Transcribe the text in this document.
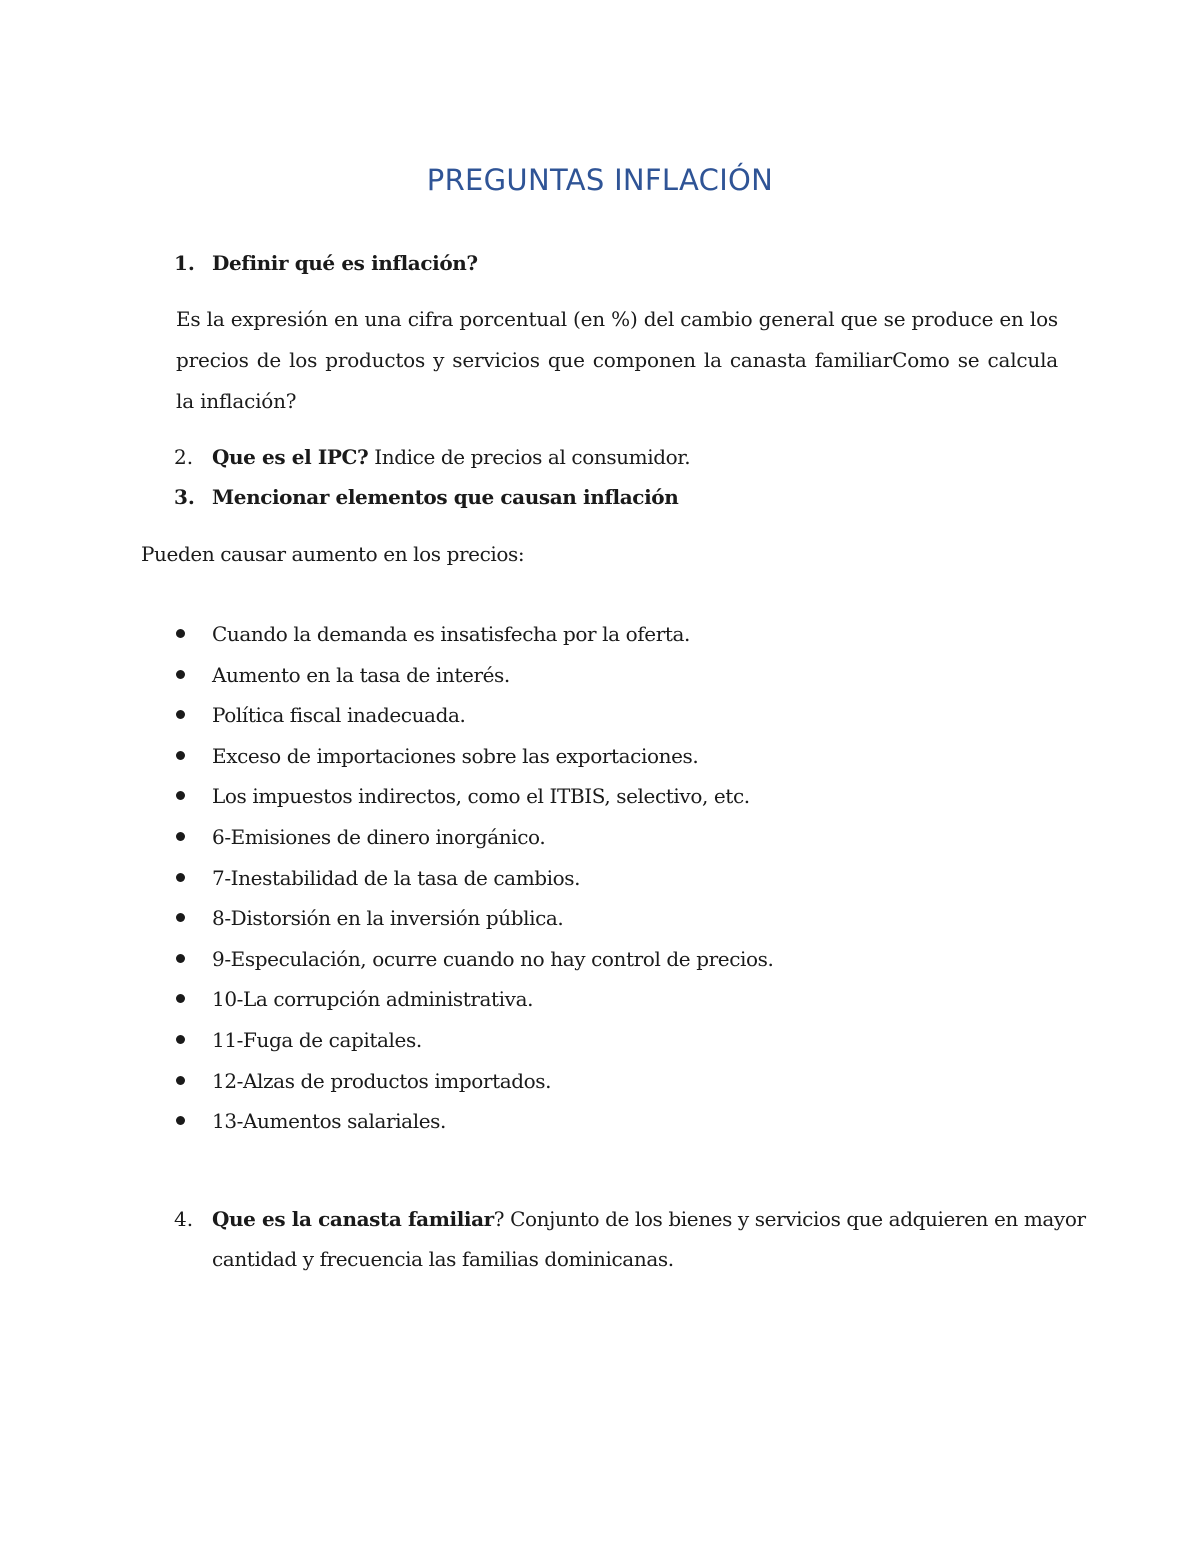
PREGUNTAS INFLACIÓN
1. Definir qué es inflación?
Es la expresión en una cifra porcentual (en %) del cambio general que se produce en los precios de los productos y servicios que componen la canasta familiarComo se calcula la inflación?
2. Que es el IPC? Indice de precios al consumidor.
3. Mencionar elementos que causan inflación
Pueden causar aumento en los precios:
Cuando la demanda es insatisfecha por la oferta.
Aumento en la tasa de interés.
Política fiscal inadecuada.
Exceso de importaciones sobre las exportaciones.
Los impuestos indirectos, como el ITBIS, selectivo, etc.
6-Emisiones de dinero inorgánico.
7-Inestabilidad de la tasa de cambios.
8-Distorsión en la inversión pública.
9-Especulación, ocurre cuando no hay control de precios.
10-La corrupción administrativa.
11-Fuga de capitales.
12-Alzas de productos importados.
13-Aumentos salariales.
4. Que es la canasta familiar? Conjunto de los bienes y servicios que adquieren en mayor
cantidad y frecuencia las familias dominicanas.
